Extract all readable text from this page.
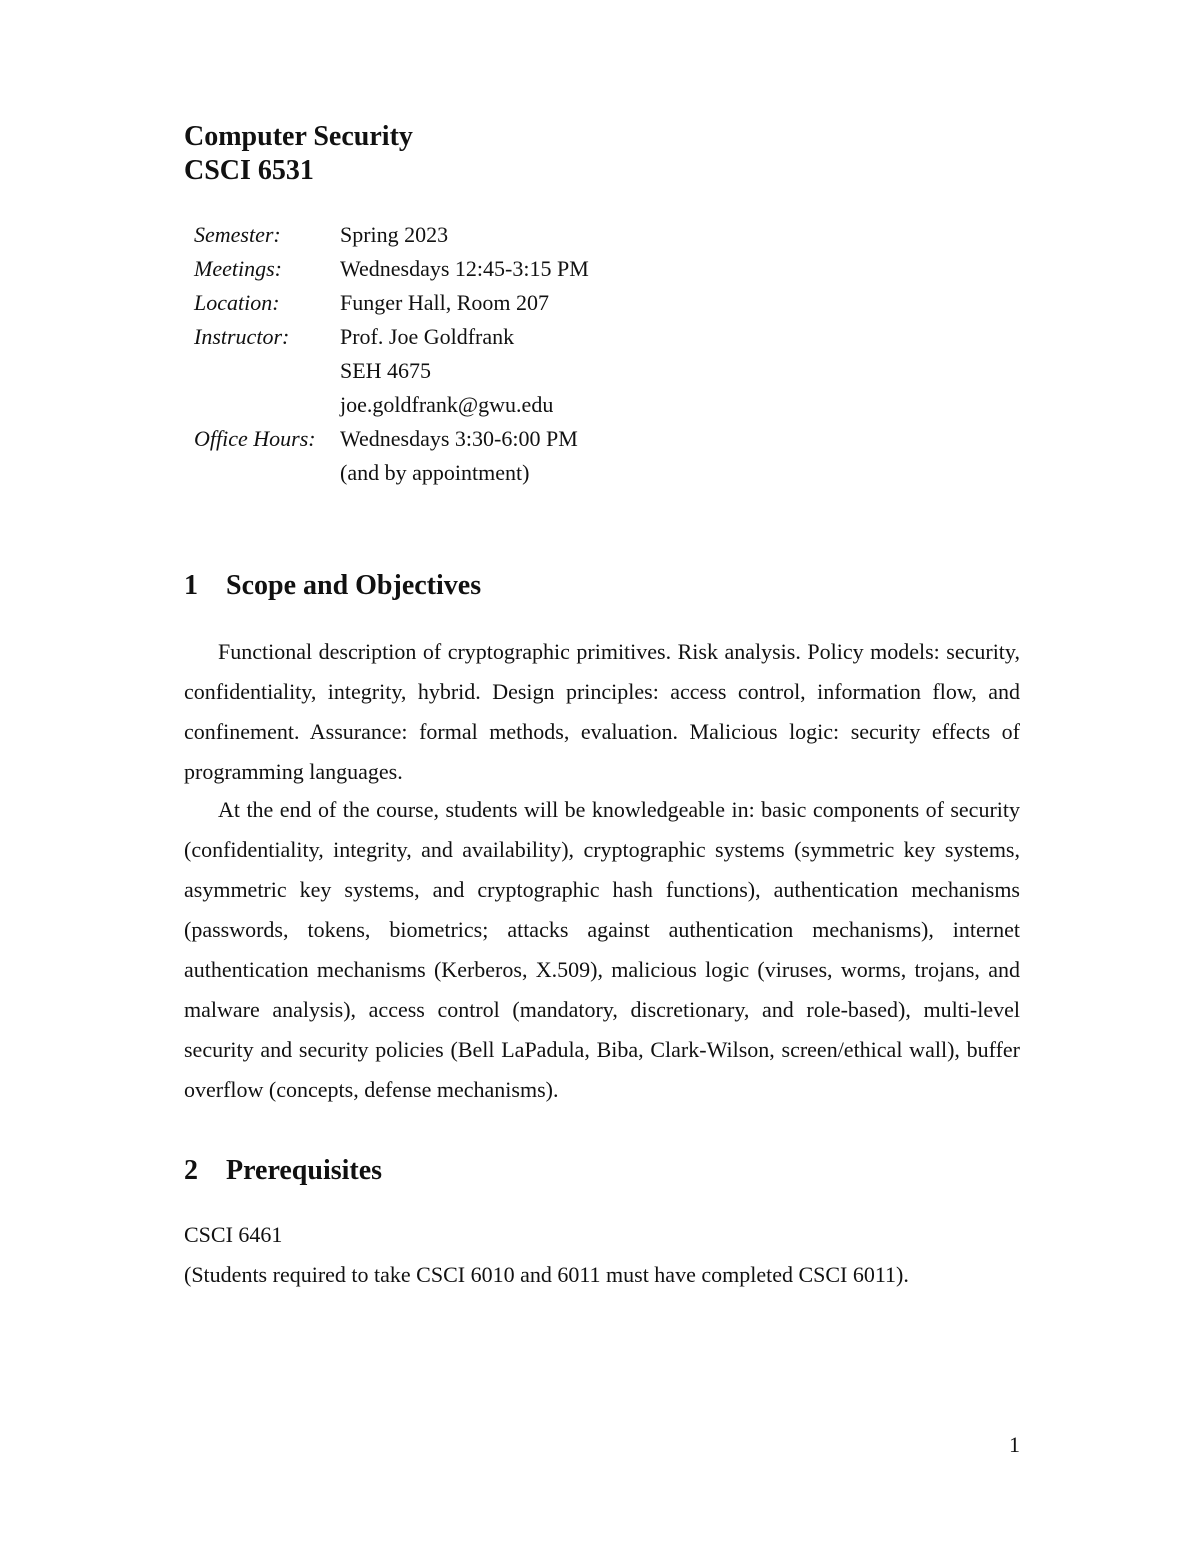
Computer Security
CSCI 6531
Semester:	Spring 2023
Meetings:	Wednesdays 12:45-3:15 PM
Location:	Funger Hall, Room 207
Instructor:	Prof. Joe Goldfrank
SEH 4675
joe.goldfrank@gwu.edu
Office Hours:	Wednesdays 3:30-6:00 PM
(and by appointment)
1	Scope and Objectives

Functional description of cryptographic primitives. Risk analysis. Policy models: security, confidentiality, integrity, hybrid. Design principles: access control, information flow, and confinement. Assurance: formal methods, evaluation. Malicious logic: security effects of programming languages.

At the end of the course, students will be knowledgeable in: basic components of security (confidentiality, integrity, and availability), cryptographic systems (symmetric key systems, asymmetric key systems, and cryptographic hash functions), authentication mechanisms (passwords, tokens, biometrics; attacks against authentication mechanisms), internet authentication mechanisms (Kerberos, X.509), malicious logic (viruses, worms, trojans, and malware analysis), access control (mandatory, discretionary, and role-based), multi-level security and security policies (Bell LaPadula, Biba, Clark-Wilson, screen/ethical wall), buffer overflow (concepts, defense mechanisms).

2	Prerequisites
CSCI 6461
(Students required to take CSCI 6010 and 6011 must have completed CSCI 6011).
1
